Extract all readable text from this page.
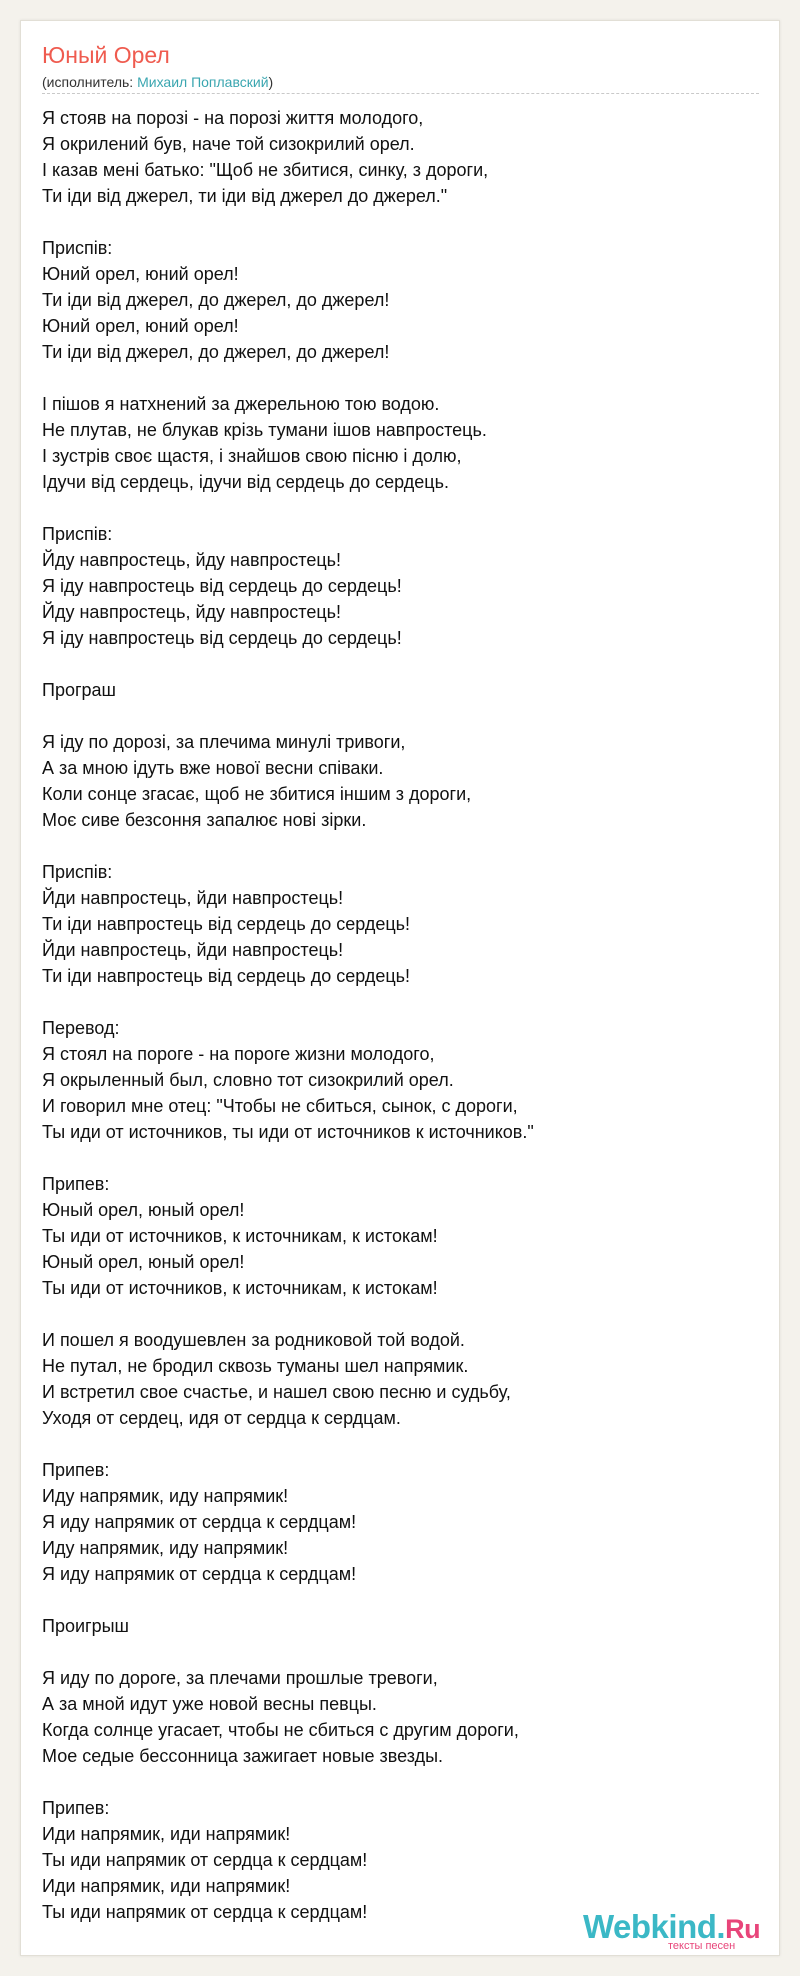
Юный Орел
(исполнитель: Михаил Поплавский)
Я стояв на порозі - на порозі життя молодого,
Я окрилений був, наче той сизокрилий орел.
І казав мені батько: "Щоб не збитися, синку, з дороги,
Ти іди від джерел, ти іди від джерел до джерел."

Приспів:
Юний орел, юний орел!
Ти іди від джерел, до джерел, до джерел!
Юний орел, юний орел!
Ти іди від джерел, до джерел, до джерел!

І пішов я натхнений за джерельною тою водою.
Не плутав, не блукав крізь тумани ішов навпростець.
І зустрів своє щастя, і знайшов свою пісню і долю,
Ідучи від сердець, ідучи від сердець до сердець.

Приспів:
Йду навпростець, йду навпростець!
Я іду навпростець від сердець до сердець!
Йду навпростець, йду навпростець!
Я іду навпростець від сердець до сердець!

Програш

Я іду по дорозі, за плечима минулі тривоги,
А за мною ідуть вже нової весни співаки.
Коли сонце згасає, щоб не збитися іншим з дороги,
Моє сиве безсоння запалює нові зірки.

Приспів:
Йди навпростець, йди навпростець!
Ти іди навпростець від сердець до сердець!
Йди навпростець, йди навпростець!
Ти іди навпростець від сердець до сердець!

Перевод:
Я стоял на пороге - на пороге жизни молодого,
Я окрыленный был, словно тот сизокрилий орел.
И говорил мне отец: "Чтобы не сбиться, сынок, с дороги,
Ты иди от источников, ты иди от источников к источников."

Припев:
Юный орел, юный орел!
Ты иди от источников, к источникам, к истокам!
Юный орел, юный орел!
Ты иди от источников, к источникам, к истокам!

И пошел я воодушевлен за родниковой той водой.
Не путал, не бродил сквозь туманы шел напрямик.
И встретил свое счастье, и нашел свою песню и судьбу,
Уходя от сердец, идя от сердца к сердцам.

Припев:
Иду напрямик, иду напрямик!
Я иду напрямик от сердца к сердцам!
Иду напрямик, иду напрямик!
Я иду напрямик от сердца к сердцам!

Проигрыш

Я иду по дороге, за плечами прошлые тревоги,
А за мной идут уже новой весны певцы.
Когда солнце угасает, чтобы не сбиться с другим дороги,
Мое седые бессонница зажигает новые звезды.

Припев:
Иди напрямик, иди напрямик!
Ты иди напрямик от сердца к сердцам!
Иди напрямик, иди напрямик!
Ты иди напрямик от сердца к сердцам!	Webkind.Ru
тексты песен
